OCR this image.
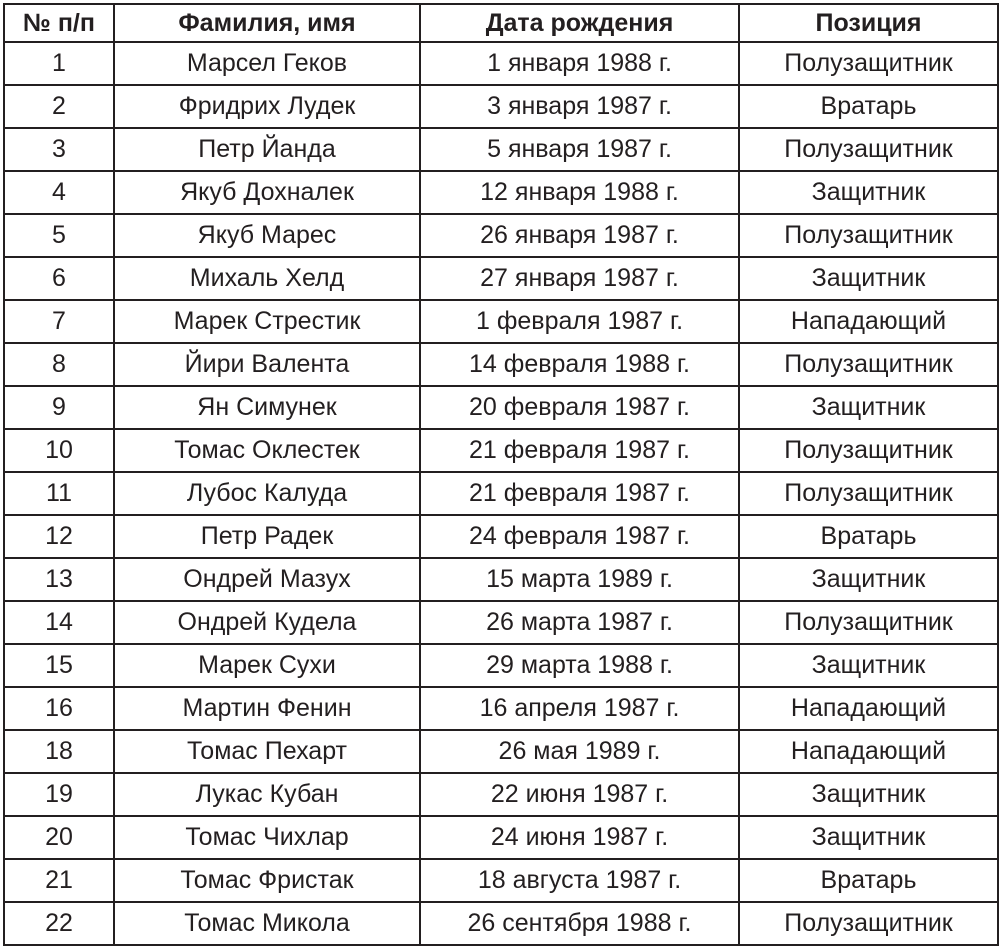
№ п/п	Фамилия, имя	Дата рождения	Позиция
1	Марсел Геков	1 января 1988 г.	Полузащитник
2	Фридрих Лудек	3 января 1987 г.	Вратарь
3	Петр Йанда	5 января 1987 г.	Полузащитник
4	Якуб Дохналек	12 января 1988 г.	Защитник
5	Якуб Марес	26 января 1987 г.	Полузащитник
6	Михаль Хелд	27 января 1987 г.	Защитник
7	Марек Стрестик	1 февраля 1987 г.	Нападающий
8	Йири Валента	14 февраля 1988 г.	Полузащитник
9	Ян Симунек	20 февраля 1987 г.	Защитник
10	Томас Оклестек	21 февраля 1987 г.	Полузащитник
11	Лубос Калуда	21 февраля 1987 г.	Полузащитник
12	Петр Радек	24 февраля 1987 г.	Вратарь
13	Ондрей Мазух	15 марта 1989 г.	Защитник
14	Ондрей Кудела	26 марта 1987 г.	Полузащитник
15	Марек Сухи	29 марта 1988 г.	Защитник
16	Мартин Фенин	16 апреля 1987 г.	Нападающий
18	Томас Пехарт	26 мая 1989 г.	Нападающий
19	Лукас Кубан	22 июня 1987 г.	Защитник
20	Томас Чихлар	24 июня 1987 г.	Защитник
21	Томас Фристак	18 августа 1987 г.	Вратарь
22	Томас Микола	26 сентября 1988 г.	Полузащитник
